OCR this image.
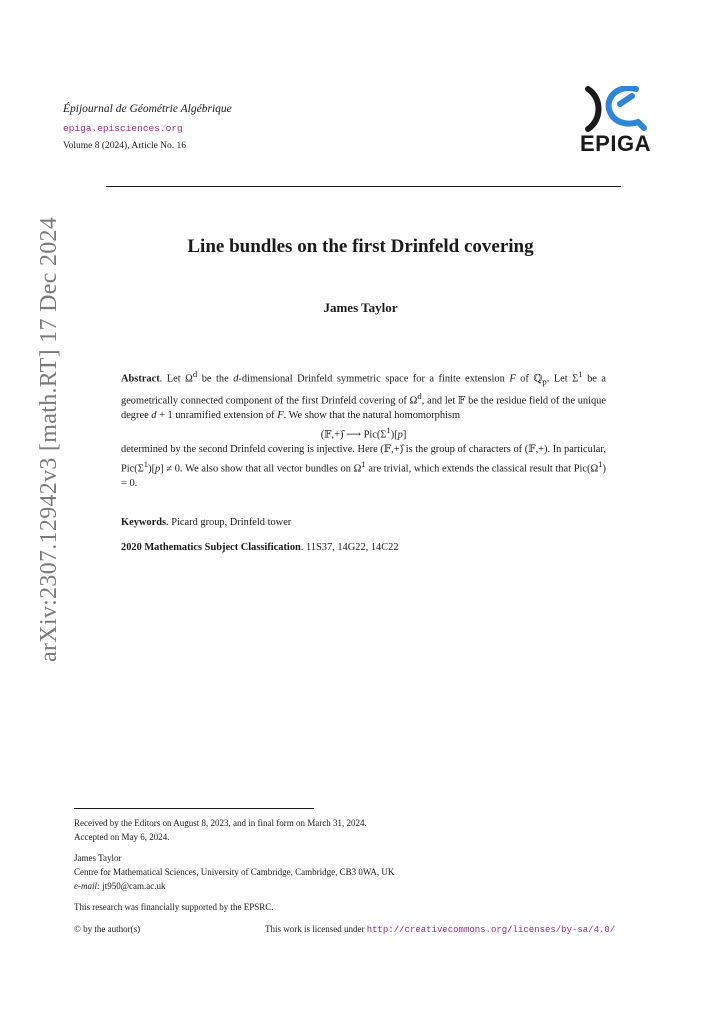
Épijournal de Géométrie Algébrique
epiga.episciences.org
Volume 8 (2024), Article No. 16	EPIGA
Line bundles on the first Drinfeld covering
James Taylor
Abstract. Let $\Omega^d$ be the d-dimensional Drinfeld symmetric space for a finite extension F of ℚ$_p$. Let $\Sigma^1$ be a geometrically connected component of the first Drinfeld covering of $\Omega^d$, and let 𝔽 be the residue field of the unique degree d + 1 unramified extension of F. We show that the natural homomorphism

(𝔽,+)̂ ⟶ $Pic(\Sigma^1)[p]$

determined by the second Drinfeld covering is injective. Here (𝔽,+)̂ is the group of characters of (𝔽,+). In particular, $Pic(\Sigma^1)[p] \ne 0$. We also show that all vector bundles on $\Omega^1$ are trivial, which extends the classical result that $Pic(\Omega^1) = 0$.
Keywords. Picard group, Drinfeld tower
2020 Mathematics Subject Classification. 11S37, 14G22, 14C22
arXiv:2307.12942v3 [math.RT] 17 Dec 2024
Received by the Editors on August 8, 2023, and in final form on March 31, 2024.
Accepted on May 6, 2024.
James Taylor
Centre for Mathematical Sciences, University of Cambridge, Cambridge, CB3 0WA, UK
e-mail: jt950@cam.ac.uk
This research was financially supported by the EPSRC.
© by the author(s)	This work is licensed under http://creativecommons.org/licenses/by-sa/4.0/
